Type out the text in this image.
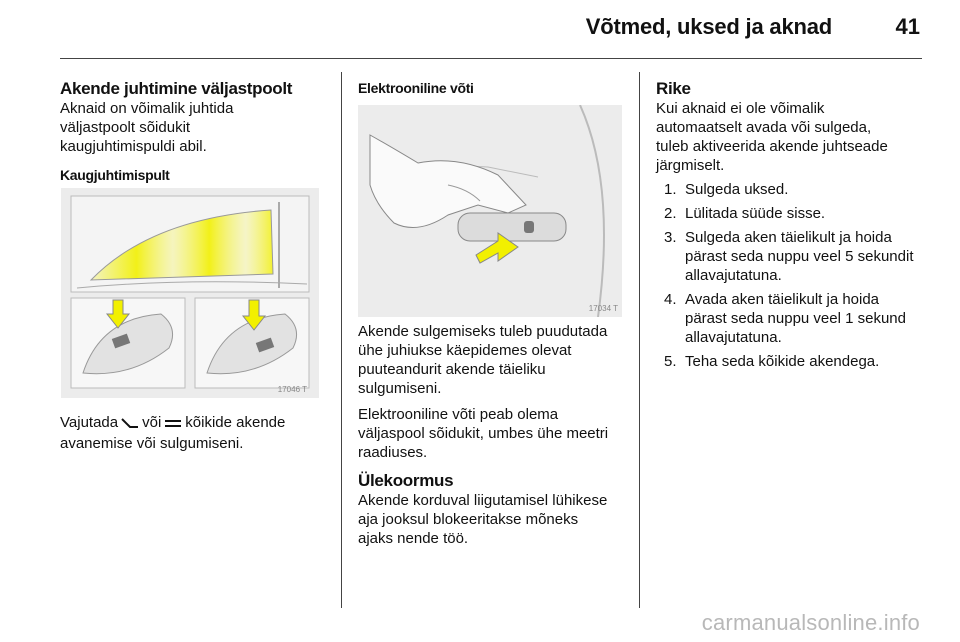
Võtmed, uksed ja aknad	41
Akende juhtimine väljastpoolt

Aknaid on võimalik juhtida

väljastpoolt sõidukit

kaugjuhtimispuldi abil.

Kaugjuhtimispult
17046 T

Vajutada või kõikide akende

avanemise või sulgumiseni.

Elektrooniline võti
17034 T

Akende sulgemiseks tuleb puudutada

ühe juhiukse käepidemes olevat

puuteandurit akende täieliku

sulgumiseni.

Elektrooniline võti peab olema

väljaspool sõidukit, umbes ühe meetri

raadiuses.

Ülekoormus

Akende korduval liigutamisel lühikese

aja jooksul blokeeritakse mõneks

ajaks nende töö.

Rike

Kui aknaid ei ole võimalik

automaatselt avada või sulgeda,

tuleb aktiveerida akende juhtseade

järgmiselt.

1. Sulgeda uksed.
2. Lülitada süüde sisse.
3. Sulgeda aken täielikult ja hoida
pärast seda nuppu veel 5 sekundit
allavajutatuna.
4. Avada aken täielikult ja hoida
pärast seda nuppu veel 1 sekund
allavajutatuna.
5. Teha seda kõikide akendega.
carmanualsonline.info
